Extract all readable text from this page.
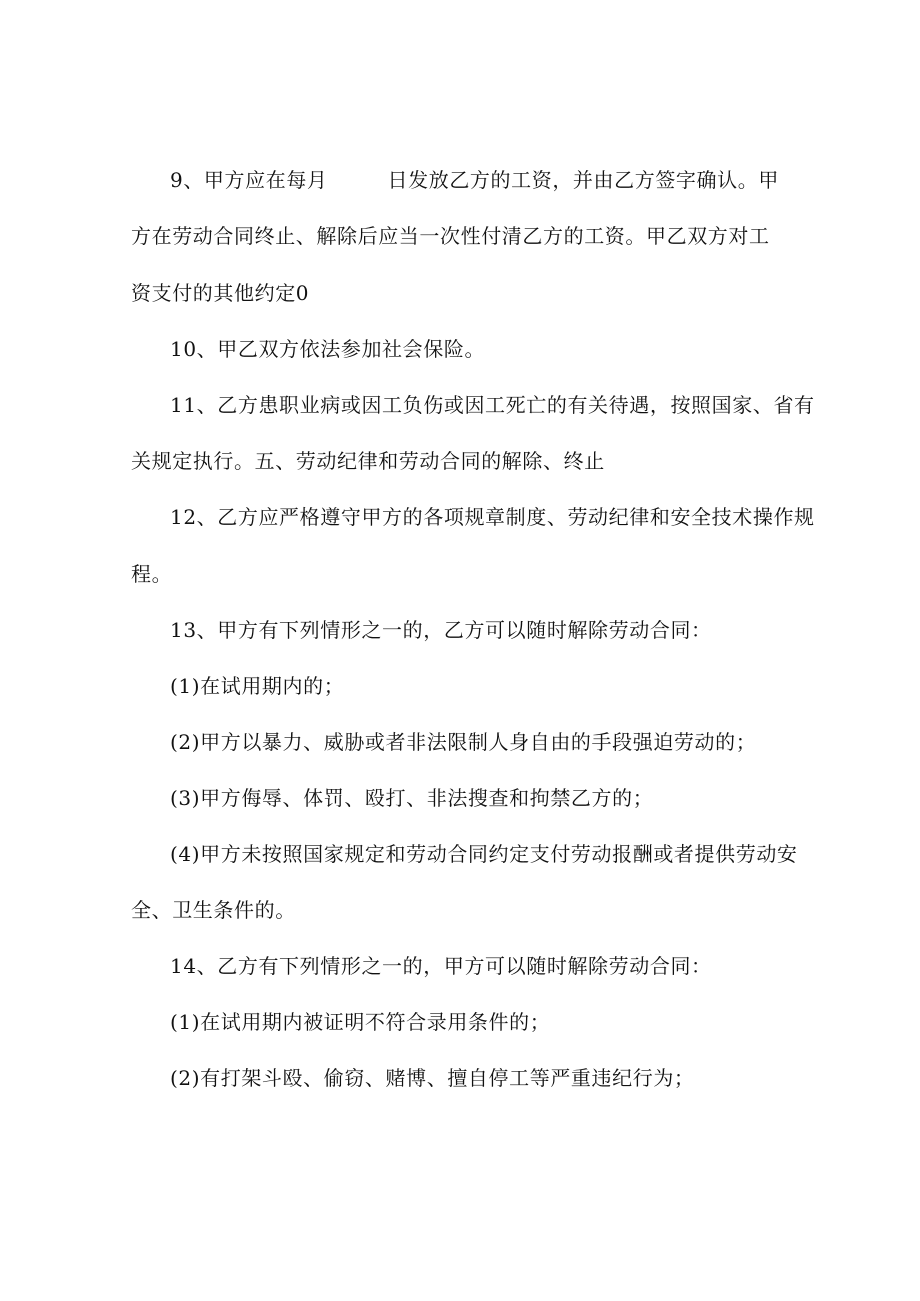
9、甲方应在每月	日发放乙方的工资，并由乙方签字确认。甲
方在劳动合同终止、解除后应当一次性付清乙方的工资。甲乙双方对工
资支付的其他约定0
10、甲乙双方依法参加社会保险。
11、乙方患职业病或因工负伤或因工死亡的有关待遇，按照国家、省有
关规定执行。五、劳动纪律和劳动合同的解除、终止
12、乙方应严格遵守甲方的各项规章制度、劳动纪律和安全技术操作规
程。
13、甲方有下列情形之一的，乙方可以随时解除劳动合同：
(1)在试用期内的；
(2)甲方以暴力、威胁或者非法限制人身自由的手段强迫劳动的；
(3)甲方侮辱、体罚、殴打、非法搜查和拘禁乙方的；
(4)甲方未按照国家规定和劳动合同约定支付劳动报酬或者提供劳动安
全、卫生条件的。
14、乙方有下列情形之一的，甲方可以随时解除劳动合同：
(1)在试用期内被证明不符合录用条件的；
(2)有打架斗殴、偷窃、赌博、擅自停工等严重违纪行为；
